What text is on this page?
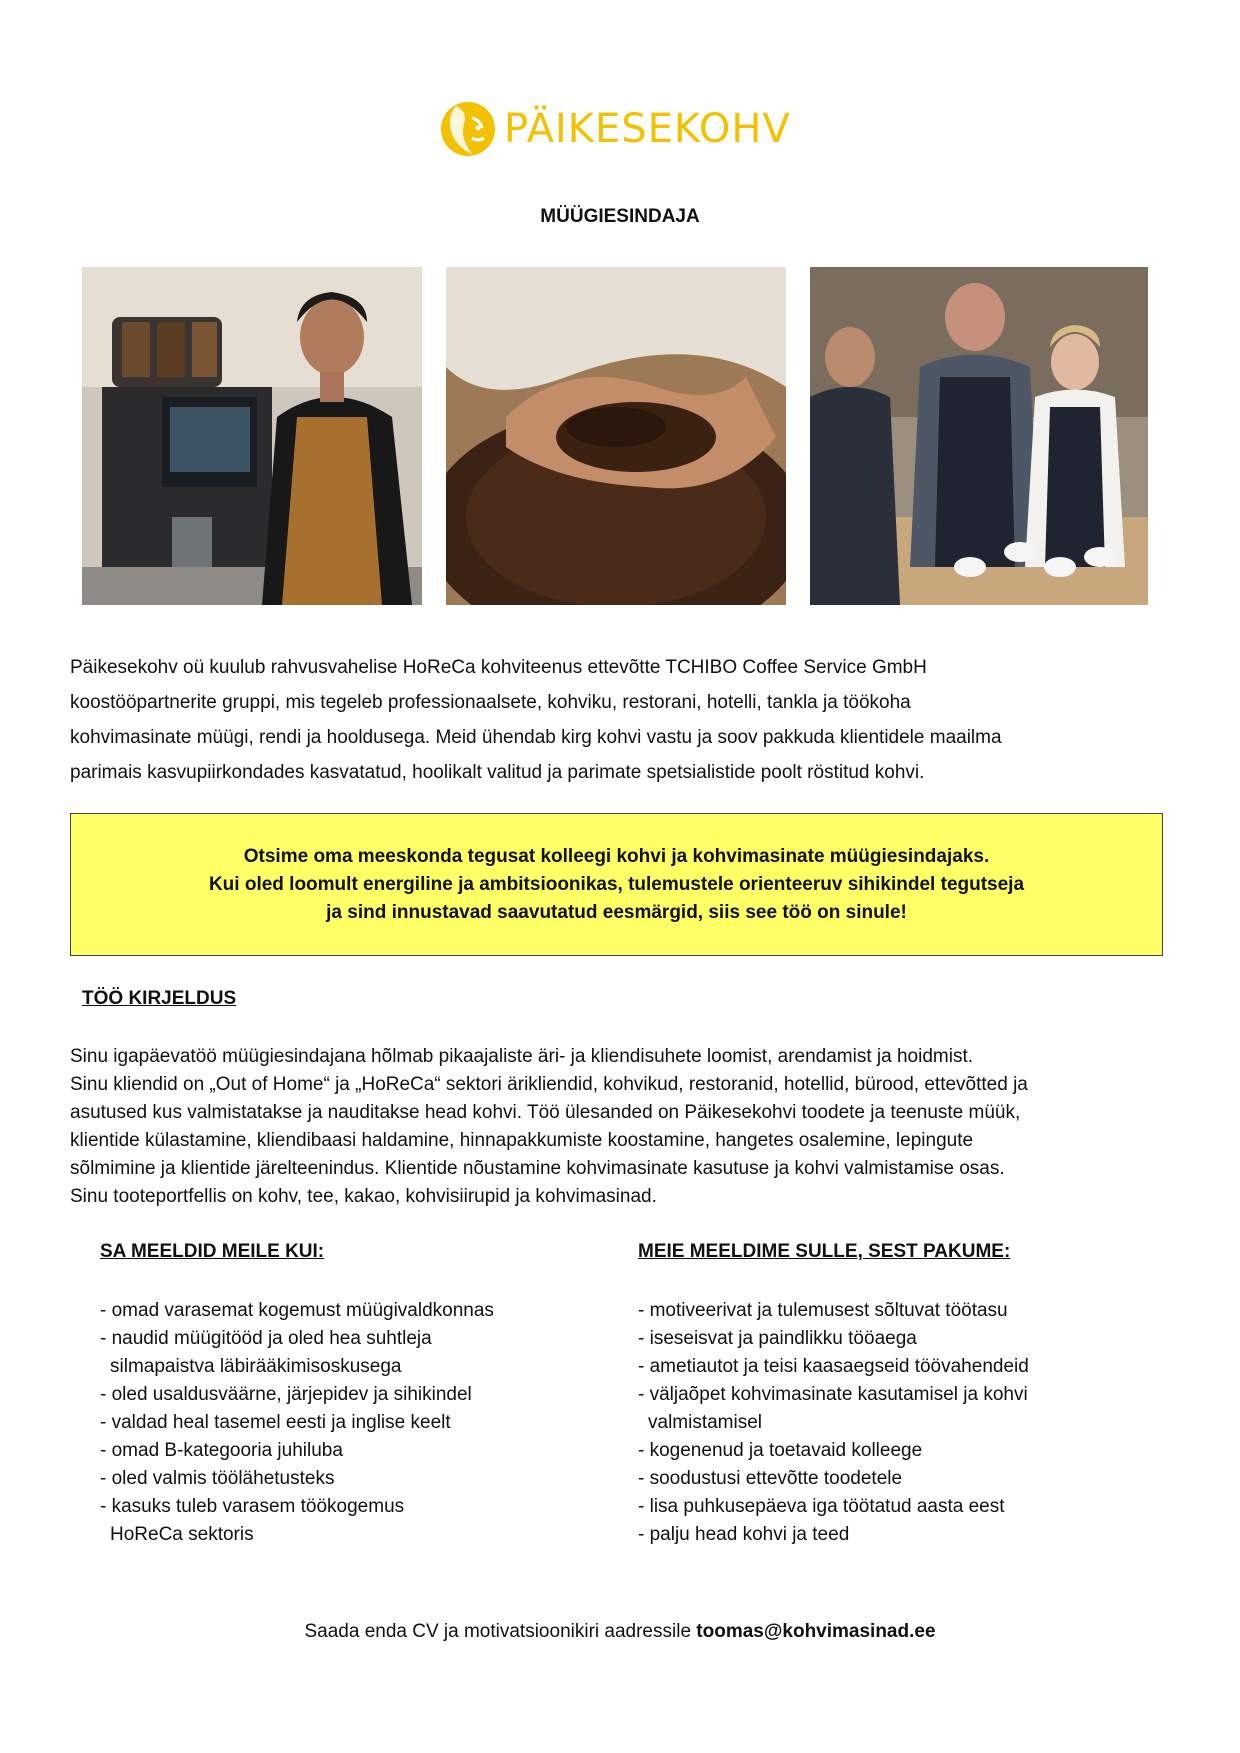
PÄIKESEKOHV
MÜÜGIESINDAJA
Päikesekohv oü kuulub rahvusvahelise HoReCa kohviteenus ettevõtte TCHIBO Coffee Service GmbH
koostööpartnerite gruppi, mis tegeleb professionaalsete, kohviku, restorani, hotelli, tankla ja töökoha
kohvimasinate müügi, rendi ja hooldusega. Meid ühendab kirg kohvi vastu ja soov pakkuda klientidele maailma
parimais kasvupiirkondades kasvatatud, hoolikalt valitud ja parimate spetsialistide poolt röstitud kohvi.
Otsime oma meeskonda tegusat kolleegi kohvi ja kohvimasinate müügiesindajaks.
Kui oled loomult energiline ja ambitsioonikas, tulemustele orienteeruv sihikindel tegutseja
ja sind innustavad saavutatud eesmärgid, siis see töö on sinule!
TÖÖ KIRJELDUS
Sinu igapäevatöö müügiesindajana hõlmab pikaajaliste äri- ja kliendisuhete loomist, arendamist ja hoidmist.
Sinu kliendid on „Out of Home“ ja „HoReCa“ sektori ärikliendid, kohvikud, restoranid, hotellid, bürood, ettevõtted ja
asutused kus valmistatakse ja nauditakse head kohvi. Töö ülesanded on Päikesekohvi toodete ja teenuste müük,
klientide külastamine, kliendibaasi haldamine, hinnapakkumiste koostamine, hangetes osalemine, lepingute
sõlmimine ja klientide järelteenindus. Klientide nõustamine kohvimasinate kasutuse ja kohvi valmistamise osas.
Sinu tooteportfellis on kohv, tee, kakao, kohvisiirupid ja kohvimasinad.
SA MEELDID MEILE KUI:
- omad varasemat kogemust müügivaldkonnas
- naudid müügitööd ja oled hea suhtleja
silmapaistva läbirääkimisoskusega
- oled usaldusväärne, järjepidev ja sihikindel
- valdad heal tasemel eesti ja inglise keelt
- omad B-kategooria juhiluba
- oled valmis töölähetusteks
- kasuks tuleb varasem töökogemus
HoReCa sektoris
MEIE MEELDIME SULLE, SEST PAKUME:
- motiveerivat ja tulemusest sõltuvat töötasu
- iseseisvat ja paindlikku tööaega
- ametiautot ja teisi kaasaegseid töövahendeid
- väljaõpet kohvimasinate kasutamisel ja kohvi
valmistamisel
- kogenenud ja toetavaid kolleege
- soodustusi ettevõtte toodetele
- lisa puhkusepäeva iga töötatud aasta eest
- palju head kohvi ja teed
Saada enda CV ja motivatsioonikiri aadressile toomas@kohvimasinad.ee
